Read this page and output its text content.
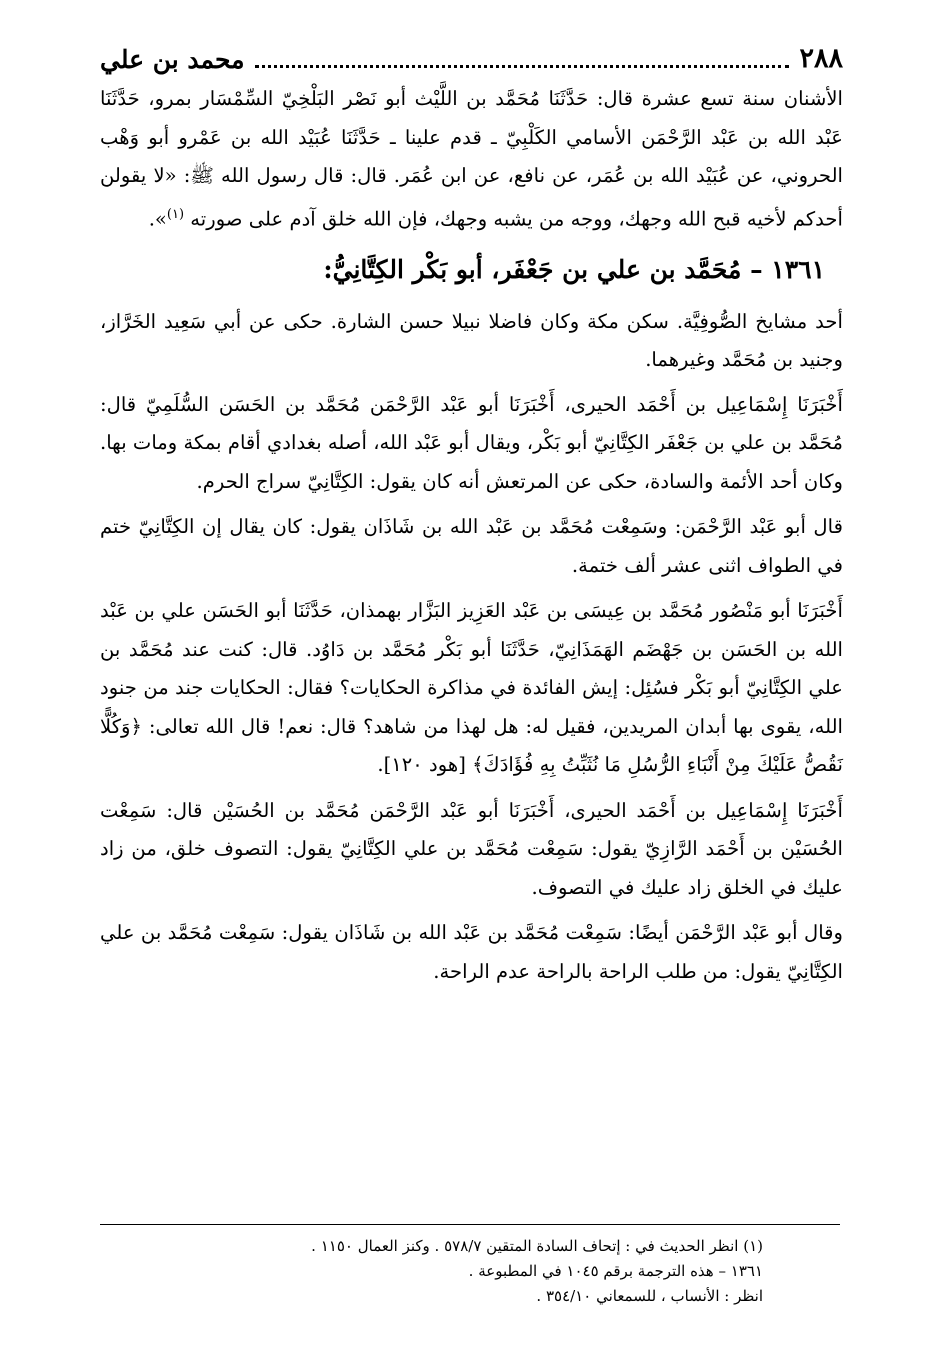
٢٨٨
محمد بن علي

الأشنان سنة تسع عشرة قال: حَدَّثَنَا مُحَمَّد بن اللَّيْث أبو نَصْر البَلْخِيّ السِّمْسَار بمرو، حَدَّثَنَا عَبْد الله بن عَبْد الرَّحْمَن الأسامي الكَلْبِيّ ـ قدم علينا ـ حَدَّثَنَا عُبَيْد الله بن عَمْرو أبو وَهْب الحروني، عن عُبَيْد الله بن عُمَر، عن نافع، عن ابن عُمَر. قال: قال رسول الله ﷺ: «لا يقولن أحدكم لأخيه قبح الله وجهك، ووجه من يشبه وجهك، فإن الله خلق آدم على صورته $^{(١)}$».

١٣٦١ – مُحَمَّد بن علي بن جَعْفَر، أبو بَكْر الكِتَّانِيُّ:

أحد مشايخ الصُّوفِيَّة. سكن مكة وكان فاضلا نبيلا حسن الشارة. حكى عن أبي سَعِيد الخَرَّاز، وجنيد بن مُحَمَّد وغيرهما.

أَخْبَرَنَا إِسْمَاعِيل بن أَحْمَد الحيرى، أَخْبَرَنَا أبو عَبْد الرَّحْمَن مُحَمَّد بن الحَسَن السُّلَمِيّ قال: مُحَمَّد بن علي بن جَعْفَر الكِتَّانِيّ أبو بَكْر، ويقال أبو عَبْد الله، أصله بغدادي أقام بمكة ومات بها. وكان أحد الأئمة والسادة، حكى عن المرتعش أنه كان يقول: الكِتَّانِيّ سراج الحرم.

قال أبو عَبْد الرَّحْمَن: وسَمِعْت مُحَمَّد بن عَبْد الله بن شَاذَان يقول: كان يقال إن الكِتَّانِيّ ختم في الطواف اثنى عشر ألف ختمة.

أَخْبَرَنَا أبو مَنْصُور مُحَمَّد بن عِيسَى بن عَبْد العَزِيز البَزَّار بهمذان، حَدَّثَنَا أبو الحَسَن علي بن عَبْد الله بن الحَسَن بن جَهْضَم الهَمَذَانِيّ، حَدَّثَنَا أبو بَكْر مُحَمَّد بن دَاوُد. قال: كنت عند مُحَمَّد بن علي الكِتَّانِيّ أبو بَكْر فسُئِل: إيش الفائدة في مذاكرة الحكايات؟ فقال: الحكايات جند من جنود الله، يقوى بها أبدان المريدين، فقيل له: هل لهذا من شاهد؟ قال: نعم! قال الله تعالى: ﴿وَكُلًّا نَقُصُّ عَلَيْكَ مِنْ أَنْبَاءِ الرُّسُلِ مَا نُثَبِّتُ بِهِ فُؤَادَكَ﴾ [هود ١٢٠].

أَخْبَرَنَا إِسْمَاعِيل بن أَحْمَد الحيرى، أَخْبَرَنَا أبو عَبْد الرَّحْمَن مُحَمَّد بن الحُسَيْن قال: سَمِعْت الحُسَيْن بن أَحْمَد الرَّازِيّ يقول: سَمِعْت مُحَمَّد بن علي الكِتَّانِيّ يقول: التصوف خلق، من زاد عليك في الخلق زاد عليك في التصوف.

وقال أبو عَبْد الرَّحْمَن أيضًا: سَمِعْت مُحَمَّد بن عَبْد الله بن شَاذَان يقول: سَمِعْت مُحَمَّد بن علي الكِتَّانِيّ يقول: من طلب الراحة بالراحة عدم الراحة.

(١) انظر الحديث في : إتحاف السادة المتقين ٥٧٨/٧ . وكنز العمال ١١٥٠ .

١٣٦١ – هذه الترجمة برقم ١٠٤٥ في المطبوعة .

انظر : الأنساب ، للسمعاني ٣٥٤/١٠ .
